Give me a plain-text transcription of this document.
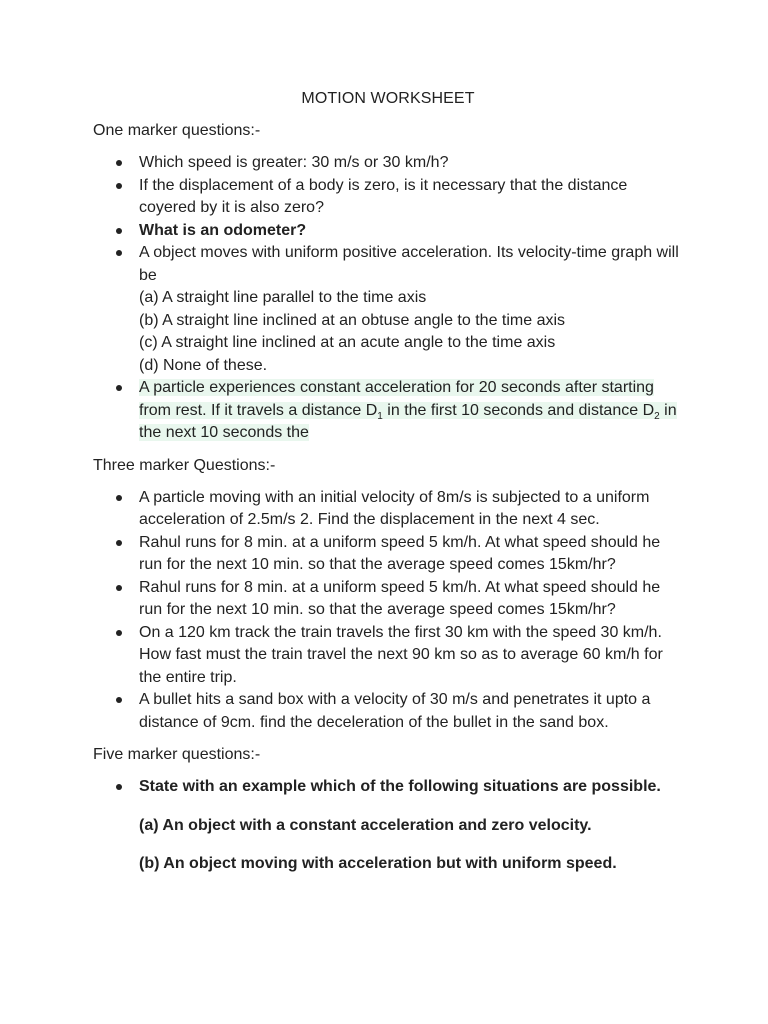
MOTION WORKSHEET
One marker questions:-
Which speed is greater: 30 m/s or 30 km/h?
If the displacement of a body is zero, is it necessary that the distance coyered by it is also zero?
What is an odometer?
A object moves with uniform positive acceleration. Its velocity-time graph will be
(a) A straight line parallel to the time axis
(b) A straight line inclined at an obtuse angle to the time axis
(c) A straight line inclined at an acute angle to the time axis
(d) None of these.
A particle experiences constant acceleration for 20 seconds after starting from rest. If it travels a distance $D_1$ in the first 10 seconds and distance $D_2$ in the next 10 seconds the
Three marker Questions:-
A particle moving with an initial velocity of 8m/s is subjected to a uniform acceleration of 2.5m/s 2. Find the displacement in the next 4 sec.
Rahul runs for 8 min. at a uniform speed 5 km/h. At what speed should he run for the next 10 min. so that the average speed comes 15km/hr?
Rahul runs for 8 min. at a uniform speed 5 km/h. At what speed should he run for the next 10 min. so that the average speed comes 15km/hr?
On a 120 km track the train travels the first 30 km with the speed 30 km/h. How fast must the train travel the next 90 km so as to average 60 km/h for the entire trip.
A bullet hits a sand box with a velocity of 30 m/s and penetrates it upto a distance of 9cm. find the deceleration of the bullet in the sand box.
Five marker questions:-
State with an example which of the following situations are possible.
(a) An object with a constant acceleration and zero velocity.
(b) An object moving with acceleration but with uniform speed.
